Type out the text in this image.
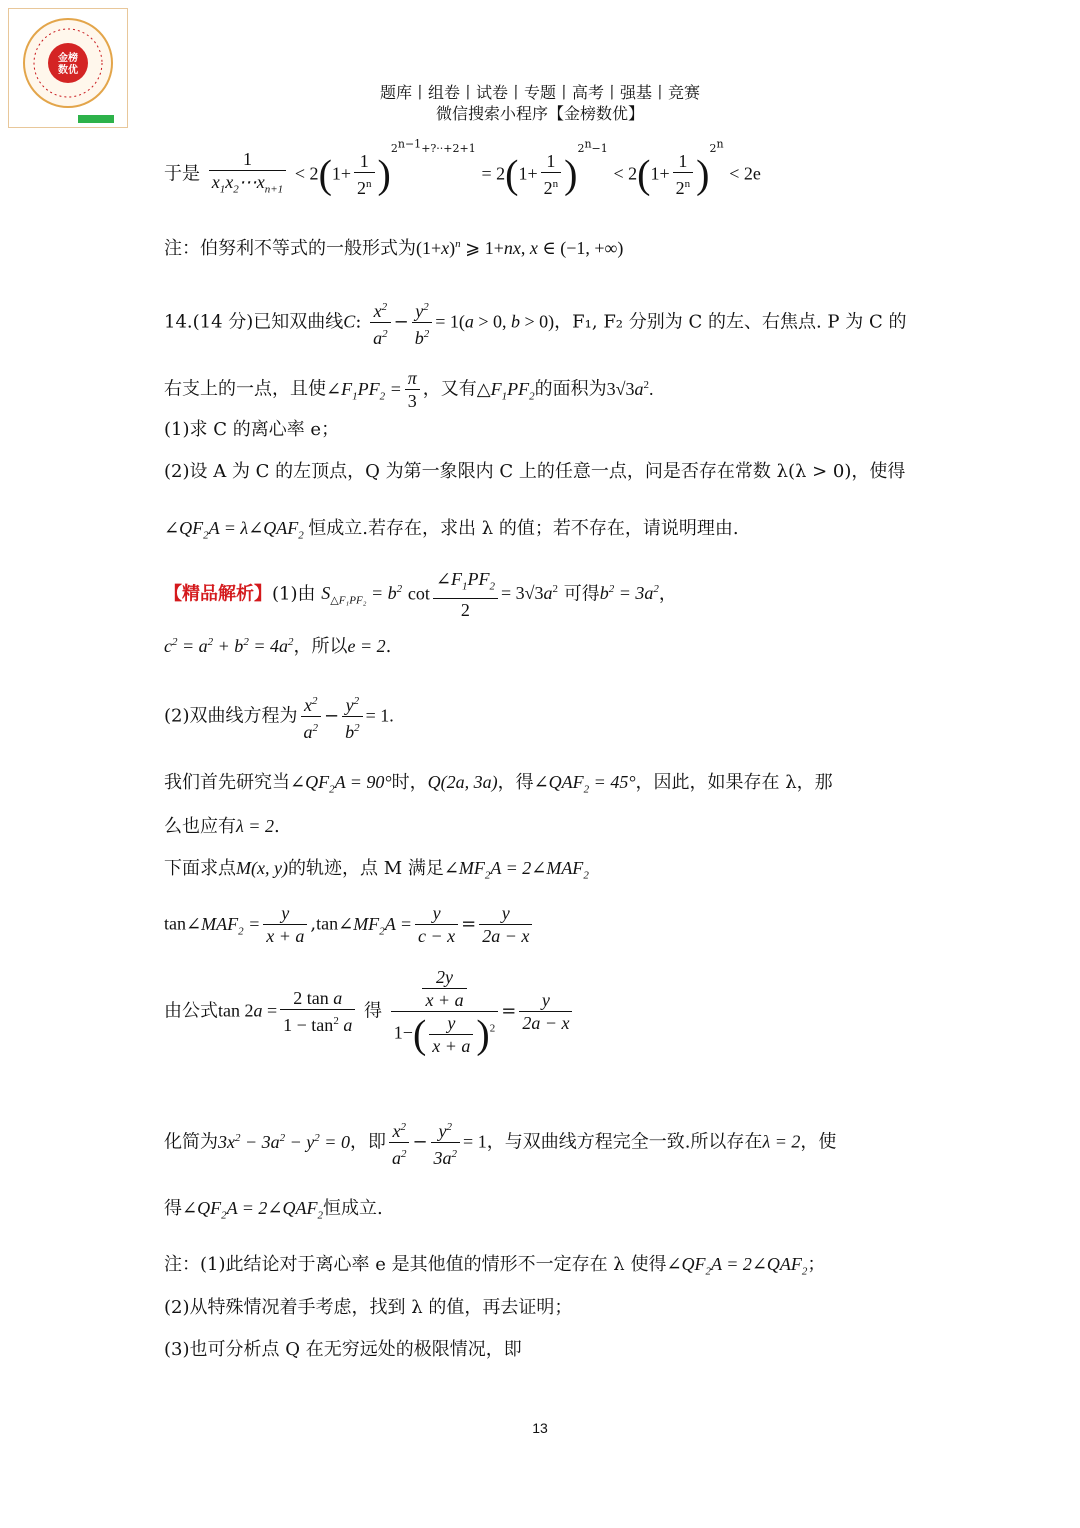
金榜
数优
题库丨组卷丨试卷丨专题丨高考丨强基丨竞赛
微信搜索小程序【金榜数优】
于是 $\frac{1}{x_1x_2\cdots x_{n+1}} < 2(1+ \frac{1}{2^n} )^{2^{n-1}+?\cdot\cdot+2+1} = 2(1+ \frac{1}{2^n} )^{2^n-1} < 2(1+ \frac{1}{2^n} )^{2^n} < 2e$
注：伯努利不等式的一般形式为$(1+x)^n$ ⩾ 1+nx, x ∈ (−1, +∞)
14.(14 分)已知双曲线C: $\frac{x^2}{a^2} - \frac{y^2}{b^2} = 1(a > 0$, b > 0)，F₁, F₂ 分别为 C 的左、右焦点. P 为 C 的
右支上的一点，且使$\angle F_1PF_2 = \frac{\pi}{3}$ ，又有$\triangle F_1PF_2$的面积为$3√3a^2$.
(1)求 C 的离心率 e；
(2)设 A 为 C 的左顶点，Q 为第一象限内 C 上的任意一点，问是否存在常数 λ(λ > 0)，使得
$\angle QF_2A$ = $\lambda\angle QAF_2$ 恒成立.若存在，求出 λ 的值；若不存在，请说明理由.
【精品解析】(1)由 $S_{\triangle F_1PF_2} = b^2$ $\cot \frac{\angle F_1PF_2}{2} = 3√3a^2$ 可得$b^2 = 3a^2$，
$c^2 = a^2 + b^2 = 4a^2$，所以e = 2.
(2)双曲线方程为 $\frac{x^2}{a^2} - \frac{y^2}{b^2} = 1$.
我们首先研究当$\angle QF_2A = 90^\circ$时，Q(2a, 3a)，得$\angle QAF_2 = 45^\circ$，因此，如果存在 λ，那
么也应有λ = 2.
下面求点M(x, y)的轨迹，点 M 满足$\angle MF_2A$ = $2\angle MAF_2$
$\tan\angle MAF_2 = \frac{y}{x + a}$ $,\tan\angle MF_2A = \frac{y}{c - x} = \frac{y}{2a - x}$
由公式$\tan 2a = \frac{\text{2 tan a}}{1 - \tan^2 a}$ 得 $\frac{\frac{2y}{x + a}}{1-( \frac{y}{x + a} )^2} = \frac{y}{2a - x}$
化简为$3x^2 - 3a^2 - y^2 = 0$，即 $\frac{x^2}{a^2} - \frac{y^2}{3a^2} = 1$，与双曲线方程完全一致.所以存在λ = 2，使
得$\angle QF_2A$ = $2\angle QAF_2$恒成立.
注：(1)此结论对于离心率 e 是其他值的情形不一定存在 λ 使得$\angle QF_2A$ = $2\angle QAF_2$；
(2)从特殊情况着手考虑，找到 λ 的值，再去证明；
(3)也可分析点 Q 在无穷远处的极限情况，即
13
